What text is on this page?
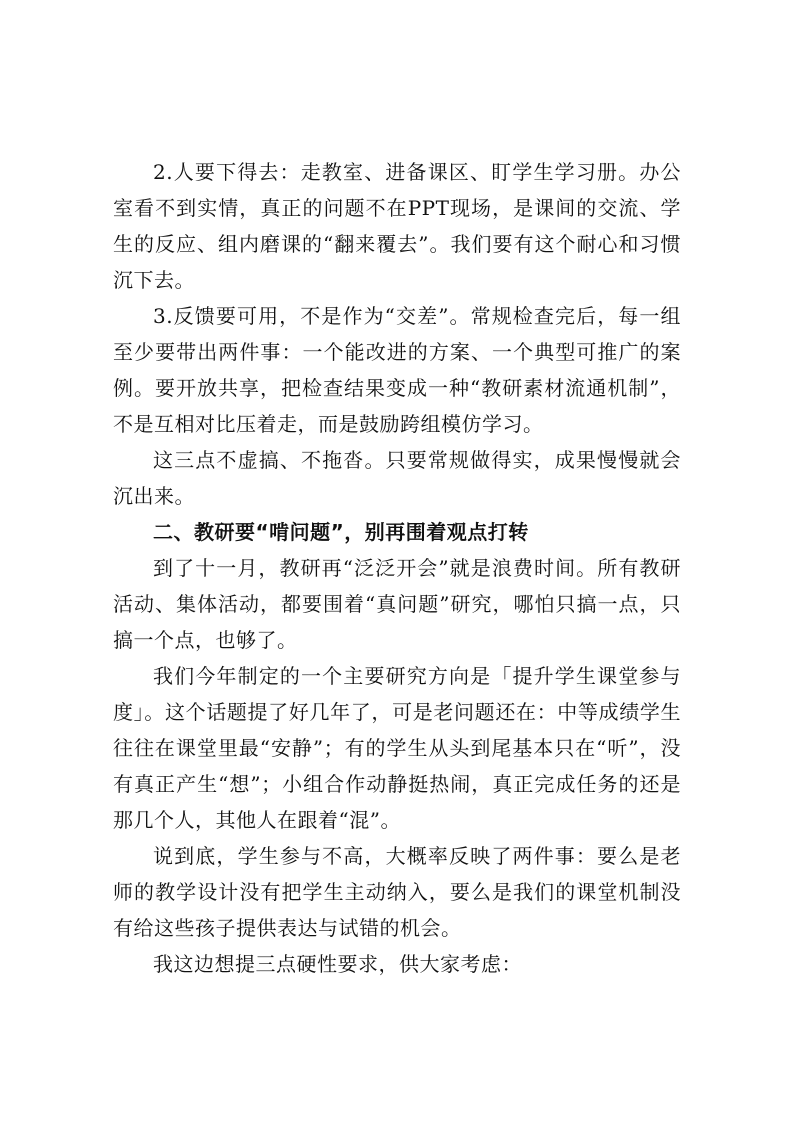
2.人要下得去：走教室、进备课区、盯学生学习册。办公室看不到实情，真正的问题不在PPT现场，是课间的交流、学生的反应、组内磨课的“翻来覆去”。我们要有这个耐心和习惯沉下去。

3.反馈要可用，不是作为“交差”。常规检查完后，每一组至少要带出两件事：一个能改进的方案、一个典型可推广的案例。要开放共享，把检查结果变成一种“教研素材流通机制”，不是互相对比压着走，而是鼓励跨组模仿学习。

这三点不虚搞、不拖沓。只要常规做得实，成果慢慢就会沉出来。

二、教研要“啃问题”，别再围着观点打转

到了十一月，教研再“泛泛开会”就是浪费时间。所有教研活动、集体活动，都要围着“真问题”研究，哪怕只搞一点，只搞一个点，也够了。

我们今年制定的一个主要研究方向是「提升学生课堂参与度」。这个话题提了好几年了，可是老问题还在：中等成绩学生往往在课堂里最“安静”；有的学生从头到尾基本只在“听”，没有真正产生“想”；小组合作动静挺热闹，真正完成任务的还是那几个人，其他人在跟着“混”。

说到底，学生参与不高，大概率反映了两件事：要么是老师的教学设计没有把学生主动纳入，要么是我们的课堂机制没有给这些孩子提供表达与试错的机会。

我这边想提三点硬性要求，供大家考虑：
